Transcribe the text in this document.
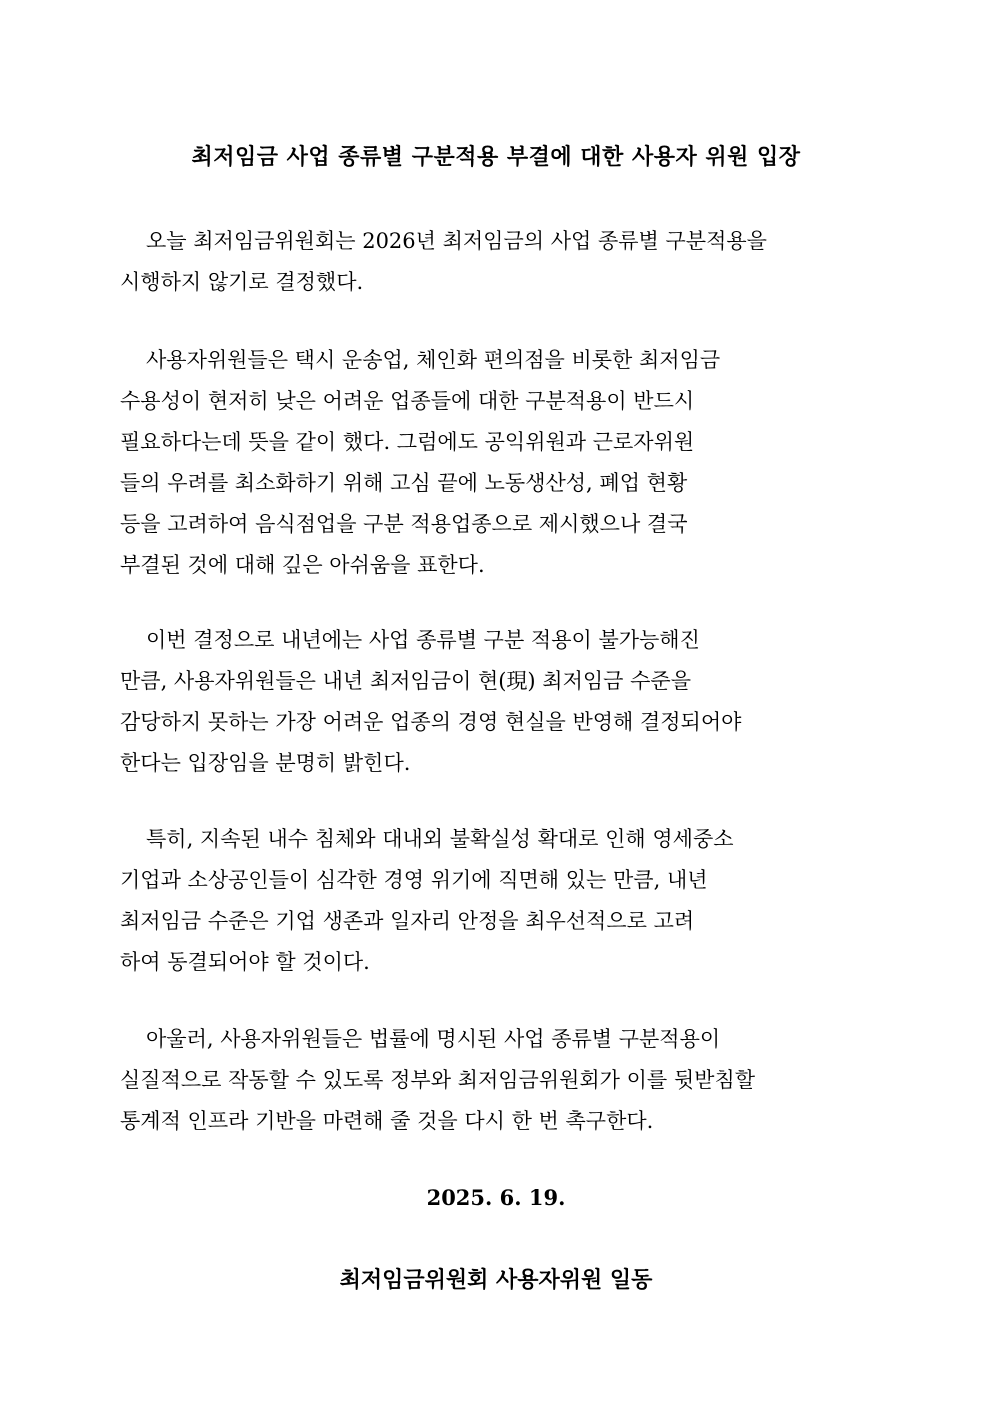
최저임금 사업 종류별 구분적용 부결에 대한 사용자 위원 입장
오늘 최저임금위원회는 2026년 최저임금의 사업 종류별 구분적용을
시행하지 않기로 결정했다.
사용자위원들은 택시 운송업, 체인화 편의점을 비롯한 최저임금
수용성이 현저히 낮은 어려운 업종들에 대한 구분적용이 반드시
필요하다는데 뜻을 같이 했다. 그럼에도 공익위원과 근로자위원
들의 우려를 최소화하기 위해 고심 끝에 노동생산성, 폐업 현황
등을 고려하여 음식점업을 구분 적용업종으로 제시했으나 결국
부결된 것에 대해 깊은 아쉬움을 표한다.
이번 결정으로 내년에는 사업 종류별 구분 적용이 불가능해진
만큼, 사용자위원들은 내년 최저임금이 현(現) 최저임금 수준을
감당하지 못하는 가장 어려운 업종의 경영 현실을 반영해 결정되어야
한다는 입장임을 분명히 밝힌다.
특히, 지속된 내수 침체와 대내외 불확실성 확대로 인해 영세중소
기업과 소상공인들이 심각한 경영 위기에 직면해 있는 만큼, 내년
최저임금 수준은 기업 생존과 일자리 안정을 최우선적으로 고려
하여 동결되어야 할 것이다.
아울러, 사용자위원들은 법률에 명시된 사업 종류별 구분적용이
실질적으로 작동할 수 있도록 정부와 최저임금위원회가 이를 뒷받침할
통계적 인프라 기반을 마련해 줄 것을 다시 한 번 촉구한다.
2025. 6. 19.
최저임금위원회 사용자위원 일동
